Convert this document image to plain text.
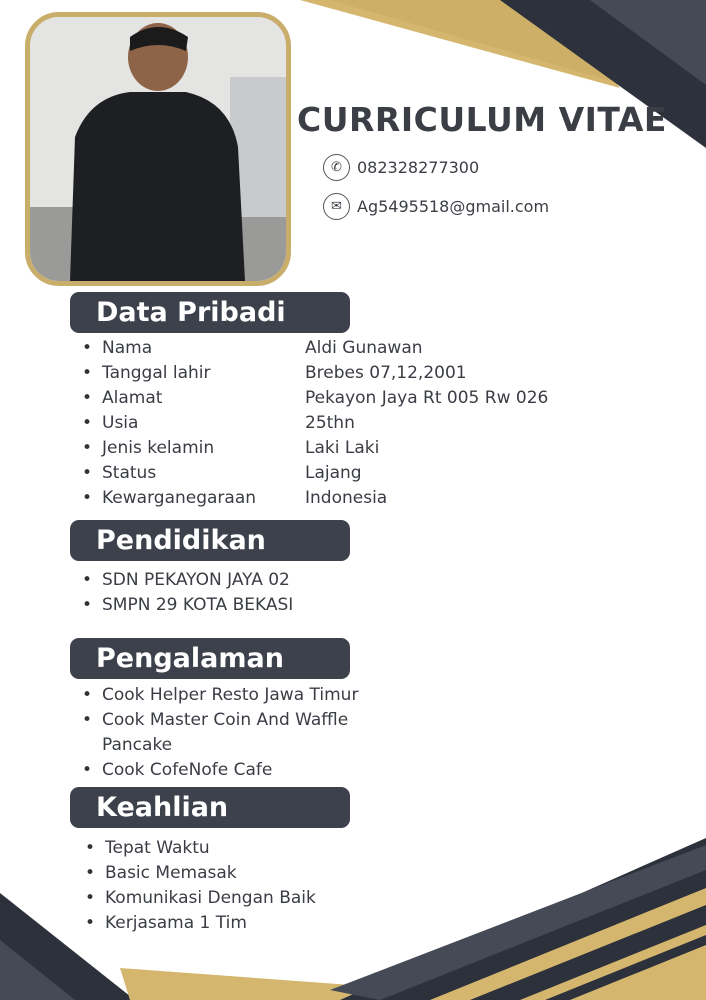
CURRICULUM VITAE
✆ 082328277300
✉ Ag5495518@gmail.com
Data Pribadi
• Nama
• Tanggal lahir
• Alamat
• Usia
• Jenis kelamin
• Status
• Kewarganegaraan
Aldi Gunawan
Brebes 07,12,2001
Pekayon Jaya Rt 005 Rw 026
25thn
Laki Laki
Lajang
Indonesia
Pendidikan
• SDN PEKAYON JAYA 02
• SMPN 29 KOTA BEKASI
Pengalaman
• Cook Helper Resto Jawa Timur
• Cook Master Coin And Waffle
Pancake
• Cook CofeNofe Cafe
Keahlian
• Tepat Waktu
• Basic Memasak
• Komunikasi Dengan Baik
• Kerjasama 1 Tim
